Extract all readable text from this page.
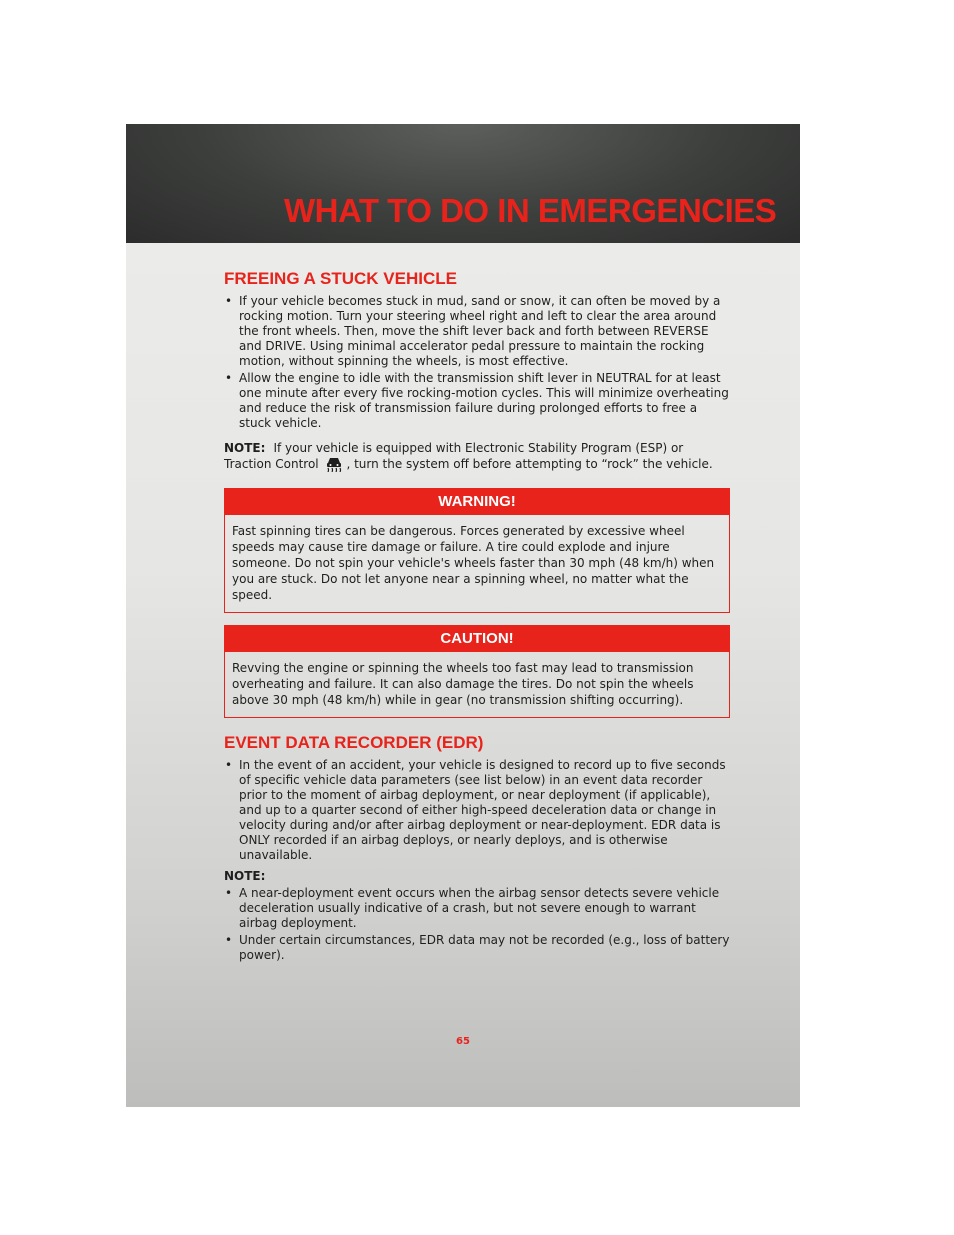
WHAT TO DO IN EMERGENCIES
FREEING A STUCK VEHICLE
• If your vehicle becomes stuck in mud, sand or snow, it can often be moved by a rocking motion. Turn your steering wheel right and left to clear the area around the front wheels. Then, move the shift lever back and forth between REVERSE and DRIVE. Using minimal accelerator pedal pressure to maintain the rocking motion, without spinning the wheels, is most effective.
• Allow the engine to idle with the transmission shift lever in NEUTRAL for at least one minute after every five rocking-motion cycles. This will minimize overheating and reduce the risk of transmission failure during prolonged efforts to free a stuck vehicle.

NOTE: If your vehicle is equipped with Electronic Stability Program (ESP) or Traction Control , turn the system off before attempting to “rock” the vehicle.

WARNING!
Fast spinning tires can be dangerous. Forces generated by excessive wheel speeds may cause tire damage or failure. A tire could explode and injure someone. Do not spin your vehicle's wheels faster than 30 mph (48 km/h) when you are stuck. Do not let anyone near a spinning wheel, no matter what the speed.
CAUTION!
Revving the engine or spinning the wheels too fast may lead to transmission overheating and failure. It can also damage the tires. Do not spin the wheels above 30 mph (48 km/h) while in gear (no transmission shifting occurring).
EVENT DATA RECORDER (EDR)
• In the event of an accident, your vehicle is designed to record up to five seconds of specific vehicle data parameters (see list below) in an event data recorder prior to the moment of airbag deployment, or near deployment (if applicable), and up to a quarter second of either high-speed deceleration data or change in velocity during and/or after airbag deployment or near-deployment. EDR data is ONLY recorded if an airbag deploys, or nearly deploys, and is otherwise unavailable.
NOTE:
• A near-deployment event occurs when the airbag sensor detects severe vehicle deceleration usually indicative of a crash, but not severe enough to warrant airbag deployment.
• Under certain circumstances, EDR data may not be recorded (e.g., loss of battery power).
65
